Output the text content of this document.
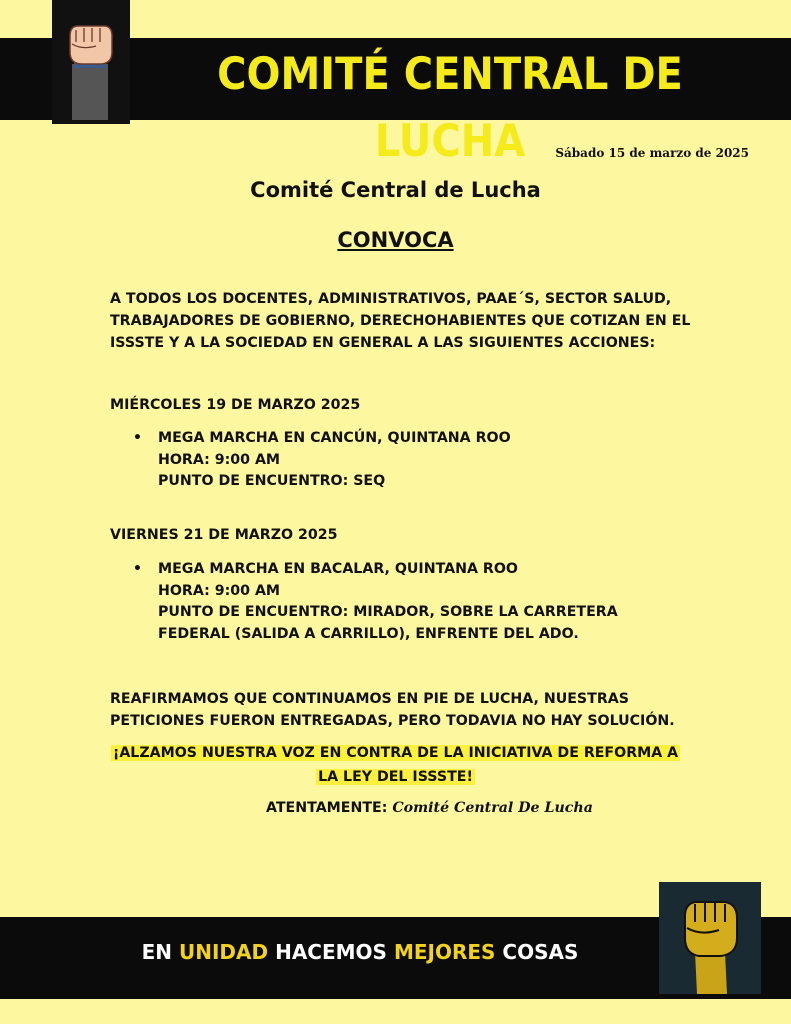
COMITÉ CENTRAL DE LUCHA	Sábado 15 de marzo de 2025
Comité Central de Lucha
CONVOCA
A TODOS LOS DOCENTES, ADMINISTRATIVOS, PAAE´S, SECTOR SALUD, TRABAJADORES DE GOBIERNO, DERECHOHABIENTES QUE COTIZAN EN EL ISSSTE Y A LA SOCIEDAD EN GENERAL A LAS SIGUIENTES ACCIONES:
MIÉRCOLES 19 DE MARZO 2025
• MEGA MARCHA EN CANCÚN, QUINTANA ROO
HORA: 9:00 AM
PUNTO DE ENCUENTRO: SEQ
VIERNES 21 DE MARZO 2025
• MEGA MARCHA EN BACALAR, QUINTANA ROO
HORA: 9:00 AM
PUNTO DE ENCUENTRO: MIRADOR, SOBRE LA CARRETERA FEDERAL (SALIDA A CARRILLO), ENFRENTE DEL ADO.
REAFIRMAMOS QUE CONTINUAMOS EN PIE DE LUCHA, NUESTRAS PETICIONES FUERON ENTREGADAS, PERO TODAVIA NO HAY SOLUCIÓN.
¡ALZAMOS NUESTRA VOZ EN CONTRA DE LA INICIATIVA DE REFORMA A
LA LEY DEL ISSSTE!
ATENTAMENTE: Comité Central De Lucha
EN UNIDAD HACEMOS MEJORES COSAS
